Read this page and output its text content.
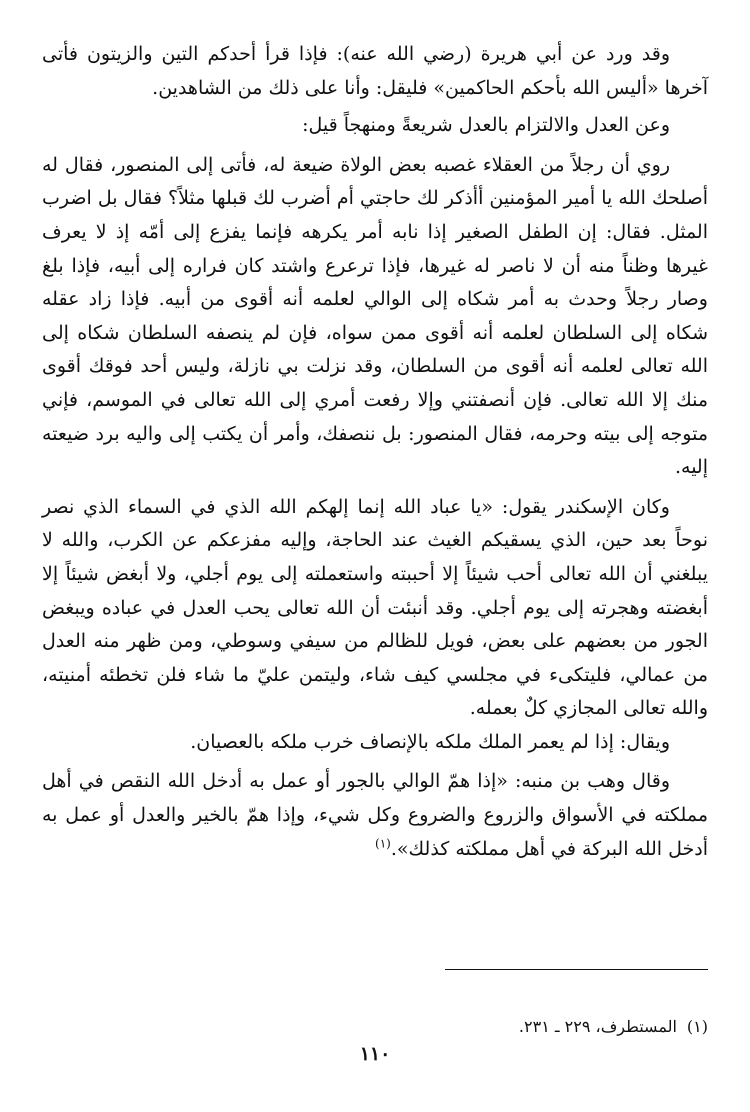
وقد ورد عن أبي هريرة (رضي الله عنه): فإذا قرأ أحدكم التين والزيتون فأتى آخرها «أليس الله بأحكم الحاكمين» فليقل: وأنا على ذلك من الشاهدين.

وعن العدل والالتزام بالعدل شريعةً ومنهجاً قيل:

روي أن رجلاً من العقلاء غصبه بعض الولاة ضيعة له، فأتى إلى المنصور، فقال له أصلحك الله يا أمير المؤمنين أأذكر لك حاجتي أم أضرب لك قبلها مثلاً؟ فقال بل اضرب المثل. فقال: إن الطفل الصغير إذا نابه أمر يكرهه فإنما يفزع إلى أمّه إذ لا يعرف غيرها وظناً منه أن لا ناصر له غيرها، فإذا ترعرع واشتد كان فراره إلى أبيه، فإذا بلغ وصار رجلاً وحدث به أمر شكاه إلى الوالي لعلمه أنه أقوى من أبيه. فإذا زاد عقله شكاه إلى السلطان لعلمه أنه أقوى ممن سواه، فإن لم ينصفه السلطان شكاه إلى الله تعالى لعلمه أنه أقوى من السلطان، وقد نزلت بي نازلة، وليس أحد فوقك أقوى منك إلا الله تعالى. فإن أنصفتني وإلا رفعت أمري إلى الله تعالى في الموسم، فإني متوجه إلى بيته وحرمه، فقال المنصور: بل ننصفك، وأمر أن يكتب إلى واليه برد ضيعته إليه.

وكان الإسكندر يقول: «يا عباد الله إنما إلهكم الله الذي في السماء الذي نصر نوحاً بعد حين، الذي يسقيكم الغيث عند الحاجة، وإليه مفزعكم عن الكرب، والله لا يبلغني أن الله تعالى أحب شيئاً إلا أحببته واستعملته إلى يوم أجلي، ولا أبغض شيئاً إلا أبغضته وهجرته إلى يوم أجلي. وقد أنبئت أن الله تعالى يحب العدل في عباده ويبغض الجور من بعضهم على بعض، فويل للظالم من سيفي وسوطي، ومن ظهر منه العدل من عمالي، فليتكىء في مجلسي كيف شاء، وليتمن عليّ ما شاء فلن تخطئه أمنيته، والله تعالى المجازي كلٌ بعمله.

ويقال: إذا لم يعمر الملك ملكه بالإنصاف خرب ملكه بالعصيان.

وقال وهب بن منبه: «إذا همّ الوالي بالجور أو عمل به أدخل الله النقص في أهل مملكته في الأسواق والزروع والضروع وكل شيء، وإذا همّ بالخير والعدل أو عمل به أدخل الله البركة في أهل مملكته كذلك».$^{(١)}$

(١)المستطرف، ٢٢٩ ـ ٢٣١.
١١٠
